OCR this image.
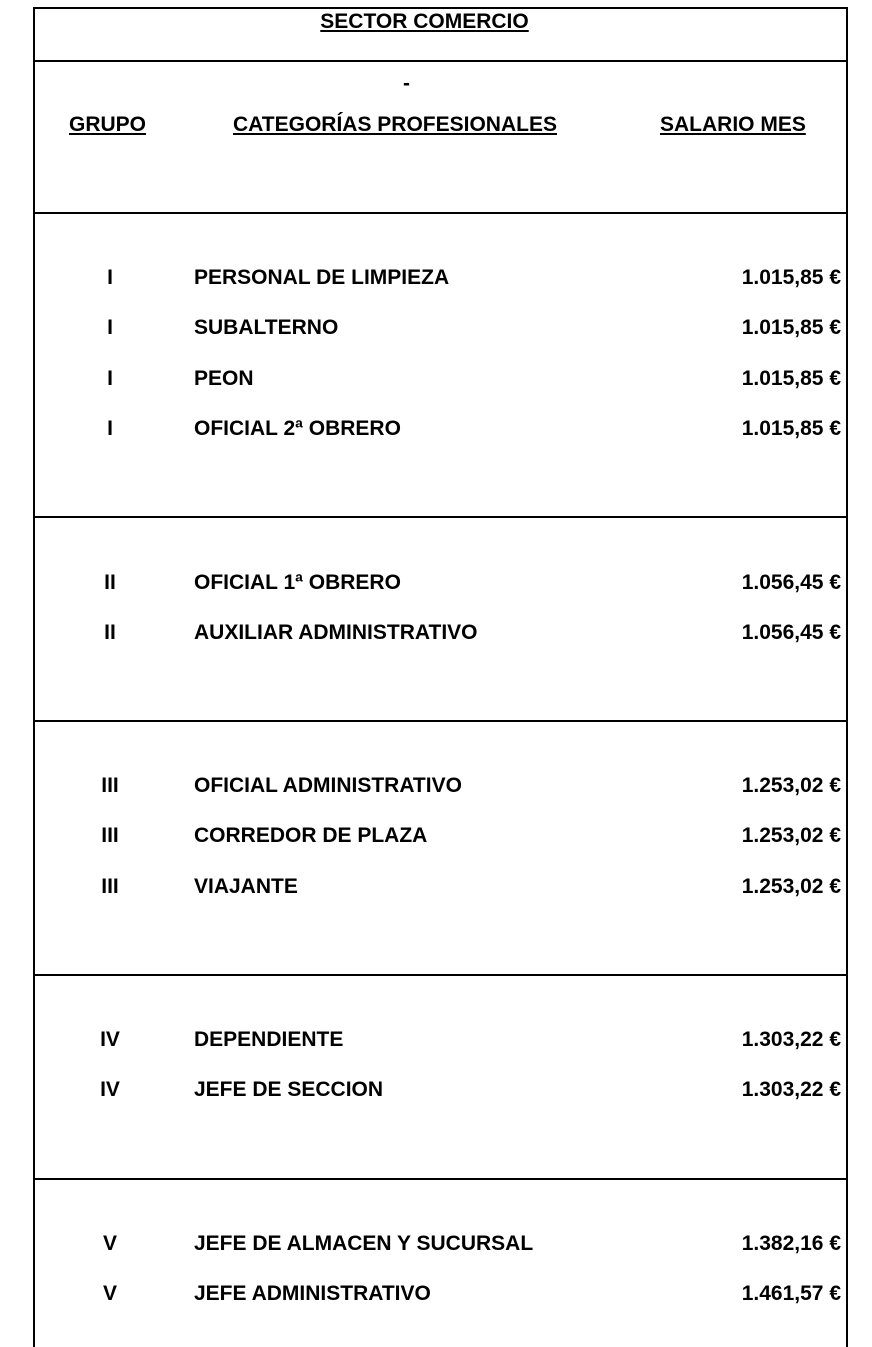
SECTOR COMERCIO
-
GRUPO	CATEGORÍAS PROFESIONALES	SALARIO MES
I	PERSONAL DE LIMPIEZA	1.015,85 €
I	SUBALTERNO	1.015,85 €
I	PEON	1.015,85 €
I	OFICIAL 2ª OBRERO	1.015,85 €
II	OFICIAL 1ª OBRERO	1.056,45 €
II	AUXILIAR ADMINISTRATIVO	1.056,45 €
III	OFICIAL ADMINISTRATIVO	1.253,02 €
III	CORREDOR DE PLAZA	1.253,02 €
III	VIAJANTE	1.253,02 €
IV	DEPENDIENTE	1.303,22 €
IV	JEFE DE SECCION	1.303,22 €
V	JEFE DE ALMACEN Y SUCURSAL	1.382,16 €
V	JEFE ADMINISTRATIVO	1.461,57 €
